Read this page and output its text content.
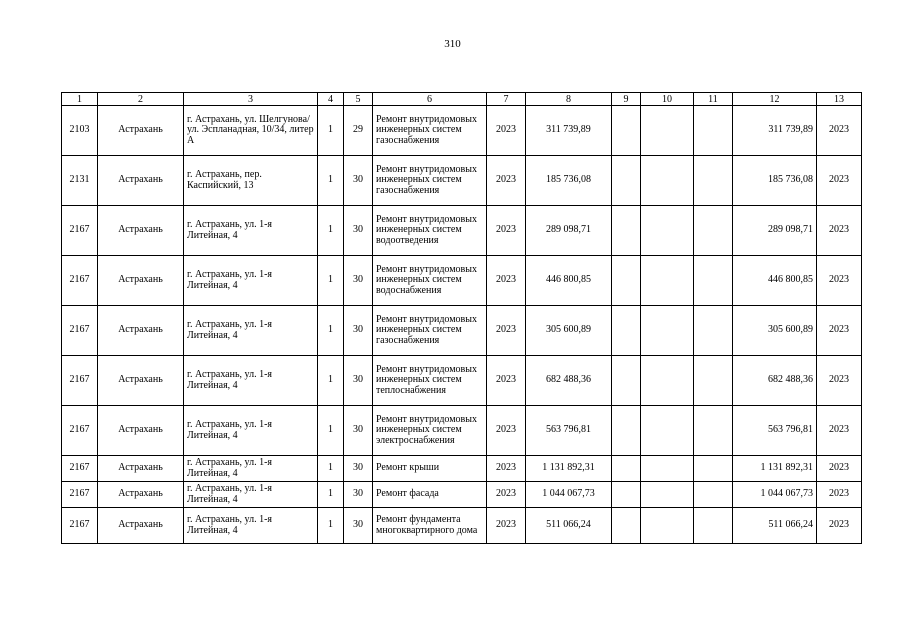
310
1	2	3	4	5	6	7	8	9	10	11	12	13
2103	Астрахань	г. Астрахань, ул. Шелгунова/ ул. Эспланадная, 10/34, литер А	1	29	Ремонт внутридомовых инженерных систем газоснабжения	2023	311 739,89				311 739,89	2023
2131	Астрахань	г. Астрахань, пер. Каспийский, 13	1	30	Ремонт внутридомовых инженерных систем газоснабжения	2023	185 736,08				185 736,08	2023
2167	Астрахань	г. Астрахань, ул. 1-я Литейная, 4	1	30	Ремонт внутридомовых инженерных систем водоотведения	2023	289 098,71				289 098,71	2023
2167	Астрахань	г. Астрахань, ул. 1-я Литейная, 4	1	30	Ремонт внутридомовых инженерных систем водоснабжения	2023	446 800,85				446 800,85	2023
2167	Астрахань	г. Астрахань, ул. 1-я Литейная, 4	1	30	Ремонт внутридомовых инженерных систем газоснабжения	2023	305 600,89				305 600,89	2023
2167	Астрахань	г. Астрахань, ул. 1-я Литейная, 4	1	30	Ремонт внутридомовых инженерных систем теплоснабжения	2023	682 488,36				682 488,36	2023
2167	Астрахань	г. Астрахань, ул. 1-я Литейная, 4	1	30	Ремонт внутридомовых инженерных систем электроснабжения	2023	563 796,81				563 796,81	2023
2167	Астрахань	г. Астрахань, ул. 1-я Литейная, 4	1	30	Ремонт крыши	2023	1 131 892,31				1 131 892,31	2023
2167	Астрахань	г. Астрахань, ул. 1-я Литейная, 4	1	30	Ремонт фасада	2023	1 044 067,73				1 044 067,73	2023
2167	Астрахань	г. Астрахань, ул. 1-я Литейная, 4	1	30	Ремонт фундамента многоквартирного дома	2023	511 066,24				511 066,24	2023
